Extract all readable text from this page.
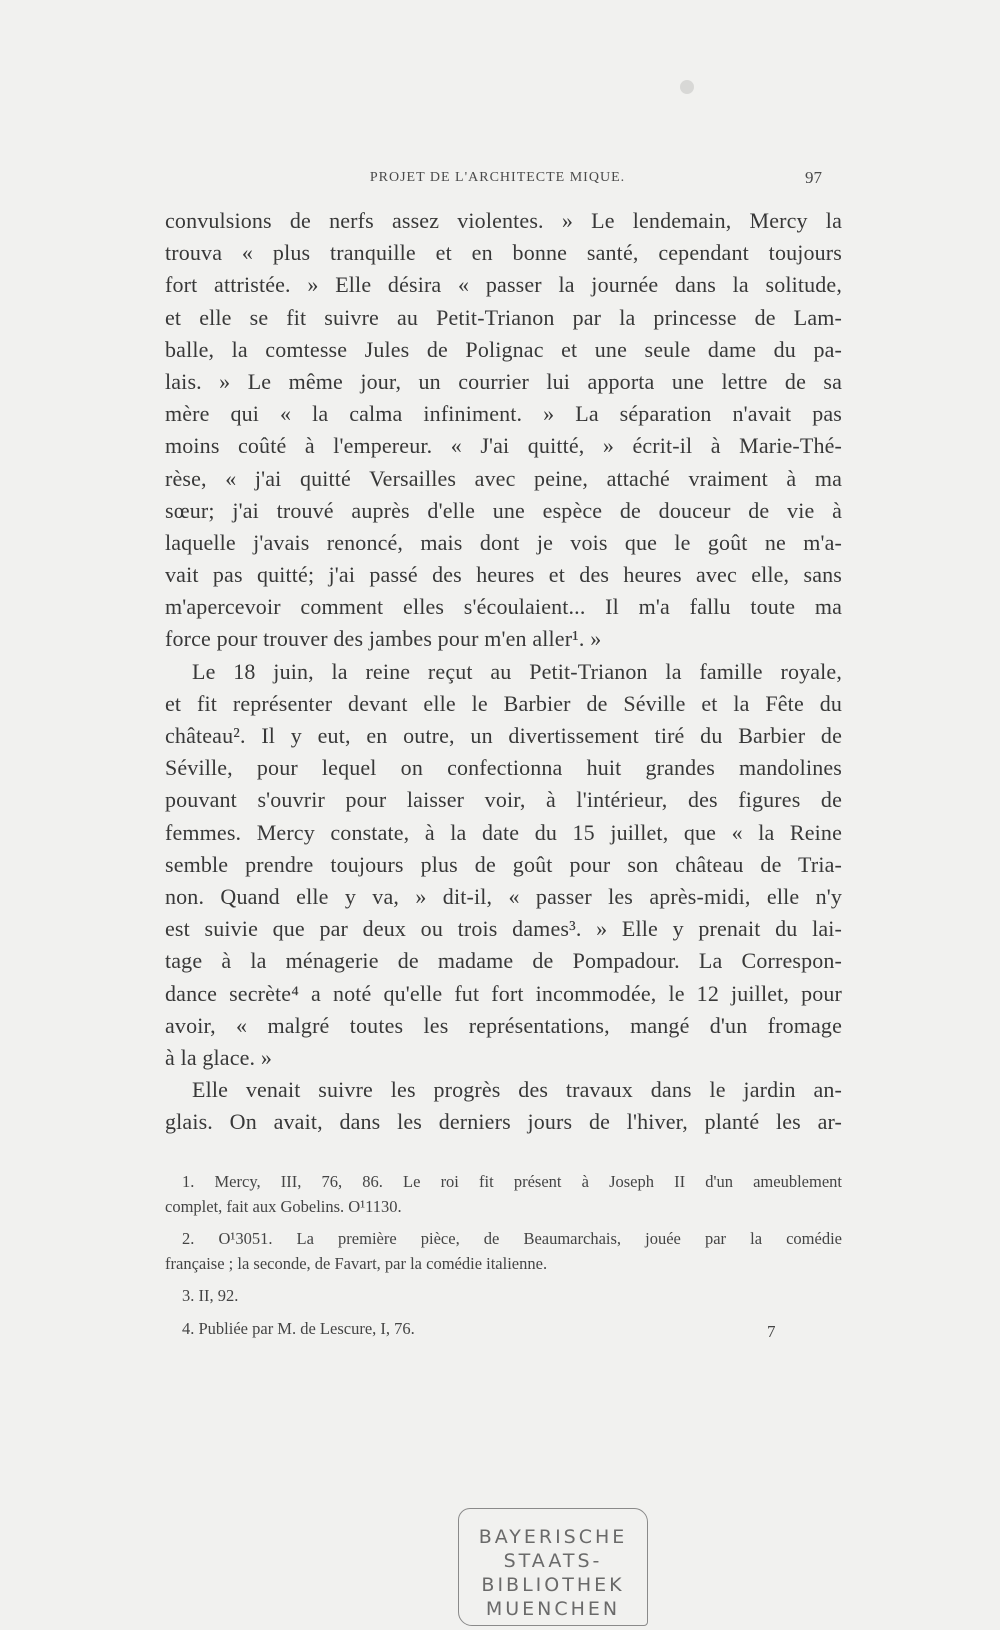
PROJET DE L'ARCHITECTE MIQUE.	97
convulsions de nerfs assez violentes. » Le lendemain, Mercy la
trouva « plus tranquille et en bonne santé, cependant toujours
fort attristée. » Elle désira « passer la journée dans la solitude,
et elle se fit suivre au Petit-Trianon par la princesse de Lam-
balle, la comtesse Jules de Polignac et une seule dame du pa-
lais. » Le même jour, un courrier lui apporta une lettre de sa
mère qui « la calma infiniment. » La séparation n'avait pas
moins coûté à l'empereur. « J'ai quitté, » écrit-il à Marie-Thé-
rèse, « j'ai quitté Versailles avec peine, attaché vraiment à ma
sœur; j'ai trouvé auprès d'elle une espèce de douceur de vie à
laquelle j'avais renoncé, mais dont je vois que le goût ne m'a-
vait pas quitté; j'ai passé des heures et des heures avec elle, sans
m'apercevoir comment elles s'écoulaient... Il m'a fallu toute ma
force pour trouver des jambes pour m'en aller¹. »
Le 18 juin, la reine reçut au Petit-Trianon la famille royale,
et fit représenter devant elle le Barbier de Séville et la Fête du
château². Il y eut, en outre, un divertissement tiré du Barbier de
Séville, pour lequel on confectionna huit grandes mandolines
pouvant s'ouvrir pour laisser voir, à l'intérieur, des figures de
femmes. Mercy constate, à la date du 15 juillet, que « la Reine
semble prendre toujours plus de goût pour son château de Tria-
non. Quand elle y va, » dit-il, « passer les après-midi, elle n'y
est suivie que par deux ou trois dames³. » Elle y prenait du lai-
tage à la ménagerie de madame de Pompadour. La Correspon-
dance secrète⁴ a noté qu'elle fut fort incommodée, le 12 juillet, pour
avoir, « malgré toutes les représentations, mangé d'un fromage
à la glace. »
Elle venait suivre les progrès des travaux dans le jardin an-
glais. On avait, dans les derniers jours de l'hiver, planté les ar-
1. Mercy, III, 76, 86. Le roi fit présent à Joseph II d'un ameublement
complet, fait aux Gobelins. O¹1130.
2. O¹3051. La première pièce, de Beaumarchais, jouée par la comédie
française ; la seconde, de Favart, par la comédie italienne.
3. II, 92.
4. Publiée par M. de Lescure, I, 76.	7
BAYERISCHE
STAATS-
BIBLIOTHEK
MUENCHEN
